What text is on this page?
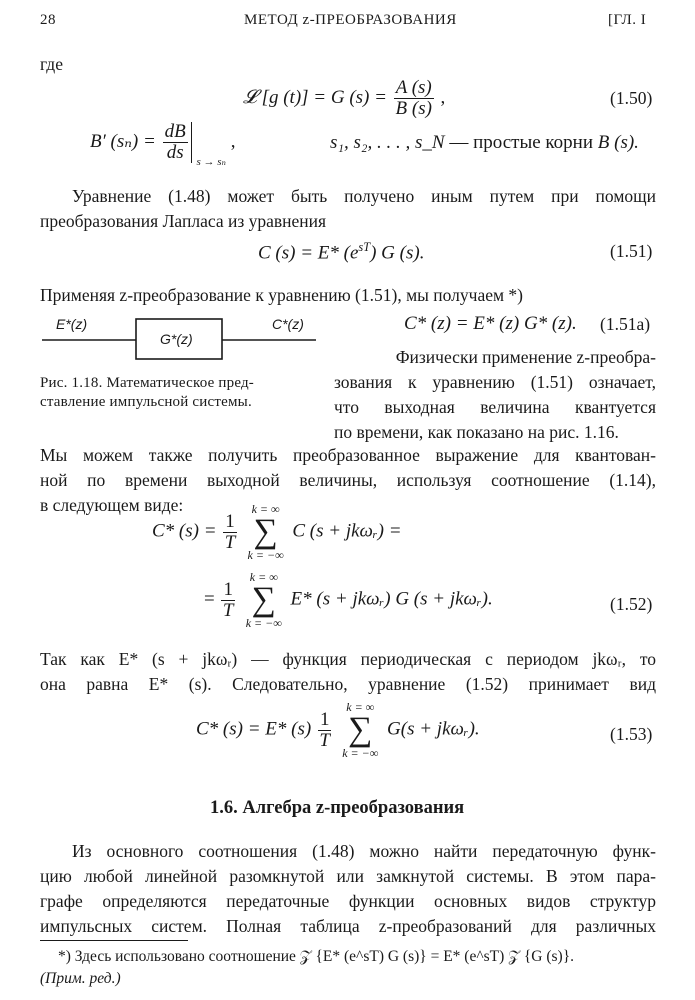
28	МЕТОД z-ПРЕОБРАЗОВАНИЯ	[ГЛ. I
где
𝓛 [g (t)] = G $(s) = \frac{A (s)}{B (s)}$ ,	(1.50)
B′ $(s_n) = \frac{dB}{ds} _{s \to s_n}$ ,	s₁, s₂, . . . , s_N — простые корни B (s).
Уравнение (1.48) может быть получено иным путем при помощи
преобразования Лапласа из уравнения
C (s) = E* $(e^{sT})$ G (s).	(1.51)
Применяя z-преобразование к уравнению (1.51), мы получаем *)
E*(z)
G*(z)
C*(z)	C* (z) = E* (z) G* (z). (1.51а)
Рис. 1.18. Математическое пред-
ставление импульсной системы.
Физически применение z-преобра-
зования к уравнению (1.51) означает,
что выходная величина квантуется
по времени, как показано на рис. 1.16.
Мы можем также получить преобразованное выражение для квантован-
ной по времени выходной величины, используя соотношение (1.14),
в следующем виде:
C* $(s) = \frac{1}{T}$

k = ∞
∑
k = −∞
C (s + jkωᵣ) =
= $\frac{1}{T}$

k = ∞
∑
k = −∞
E* (s + jkωᵣ) G (s + jkωᵣ).	(1.52)
Так как E* (s + jkωᵣ) — функция периодическая с периодом jkωᵣ, то
она равна E* (s). Следовательно, уравнение (1.52) принимает вид
C* (s) = E* $(s) \frac{1}{T}$

k = ∞
∑
k = −∞
G(s + jkωᵣ).	(1.53)
1.6. Алгебра z-преобразования
Из основного соотношения (1.48) можно найти передаточную функ-
цию любой линейной разомкнутой или замкнутой системы. В этом пара-
графе определяются передаточные функции основных видов структур
импульсных систем. Полная таблица z-преобразований для различных
*) Здесь использовано соотношение 𝒵 {E* (e^sT) G (s)} = E* (e^sT) 𝒵 {G (s)}.
(Прим. ред.)
